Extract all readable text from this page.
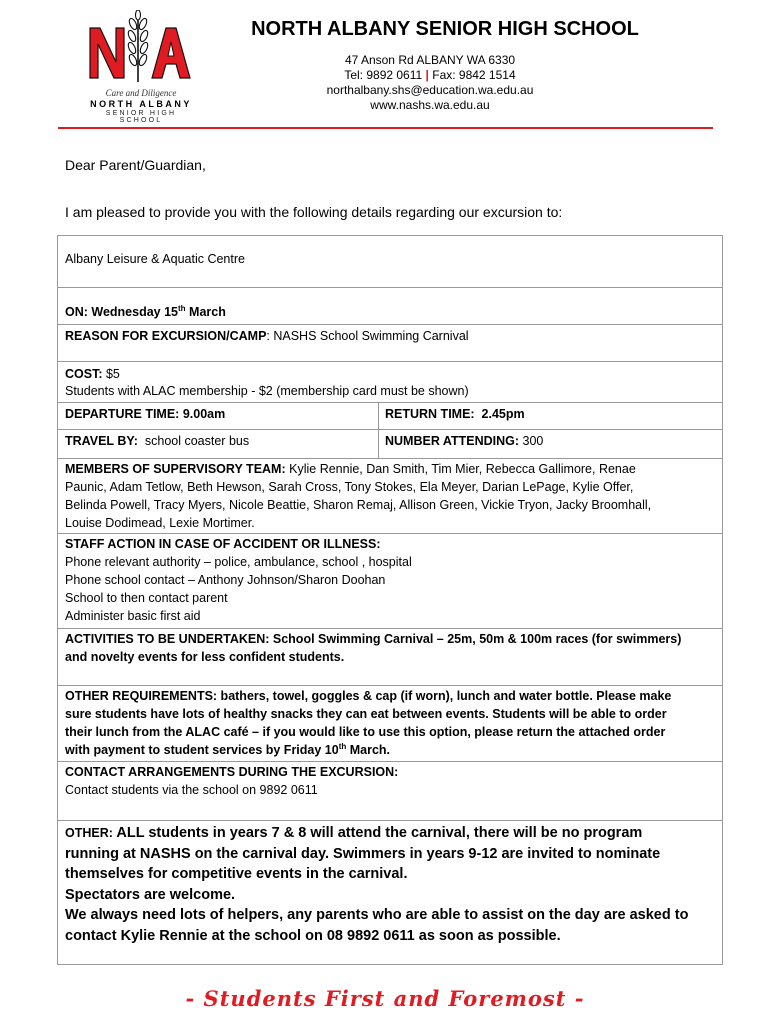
Care and Diligence
NORTH ALBANY
SENIOR HIGH SCHOOL
NORTH ALBANY SENIOR HIGH SCHOOL
47 Anson Rd ALBANY WA 6330
Tel: 9892 0611 | Fax: 9842 1514
northalbany.shs@education.wa.edu.au
www.nashs.wa.edu.au
Dear Parent/Guardian,
I am pleased to provide you with the following details regarding our excursion to:
Albany Leisure & Aquatic Centre
ON: Wednesday 15th March
REASON FOR EXCURSION/CAMP: NASHS School Swimming Carnival
COST: $5
Students with ALAC membership - $2 (membership card must be shown)
DEPARTURE TIME: 9.00am	RETURN TIME: 2.45pm
TRAVEL BY: school coaster bus	NUMBER ATTENDING: 300
MEMBERS OF SUPERVISORY TEAM: Kylie Rennie, Dan Smith, Tim Mier, Rebecca Gallimore, Renae
Paunic, Adam Tetlow, Beth Hewson, Sarah Cross, Tony Stokes, Ela Meyer, Darian LePage, Kylie Offer,
Belinda Powell, Tracy Myers, Nicole Beattie, Sharon Remaj, Allison Green, Vickie Tryon, Jacky Broomhall,
Louise Dodimead, Lexie Mortimer.
STAFF ACTION IN CASE OF ACCIDENT OR ILLNESS:
Phone relevant authority – police, ambulance, school , hospital
Phone school contact – Anthony Johnson/Sharon Doohan
School to then contact parent
Administer basic first aid
ACTIVITIES TO BE UNDERTAKEN: School Swimming Carnival – 25m, 50m & 100m races (for swimmers)
and novelty events for less confident students.
OTHER REQUIREMENTS: bathers, towel, goggles & cap (if worn), lunch and water bottle. Please make
sure students have lots of healthy snacks they can eat between events. Students will be able to order
their lunch from the ALAC café – if you would like to use this option, please return the attached order
with payment to student services by Friday 10th March.
CONTACT ARRANGEMENTS DURING THE EXCURSION:
Contact students via the school on 9892 0611
OTHER: ALL students in years 7 & 8 will attend the carnival, there will be no program
running at NASHS on the carnival day. Swimmers in years 9-12 are invited to nominate
themselves for competitive events in the carnival.
Spectators are welcome.
We always need lots of helpers, any parents who are able to assist on the day are asked to
contact Kylie Rennie at the school on 08 9892 0611 as soon as possible.
- Students First and Foremost -
